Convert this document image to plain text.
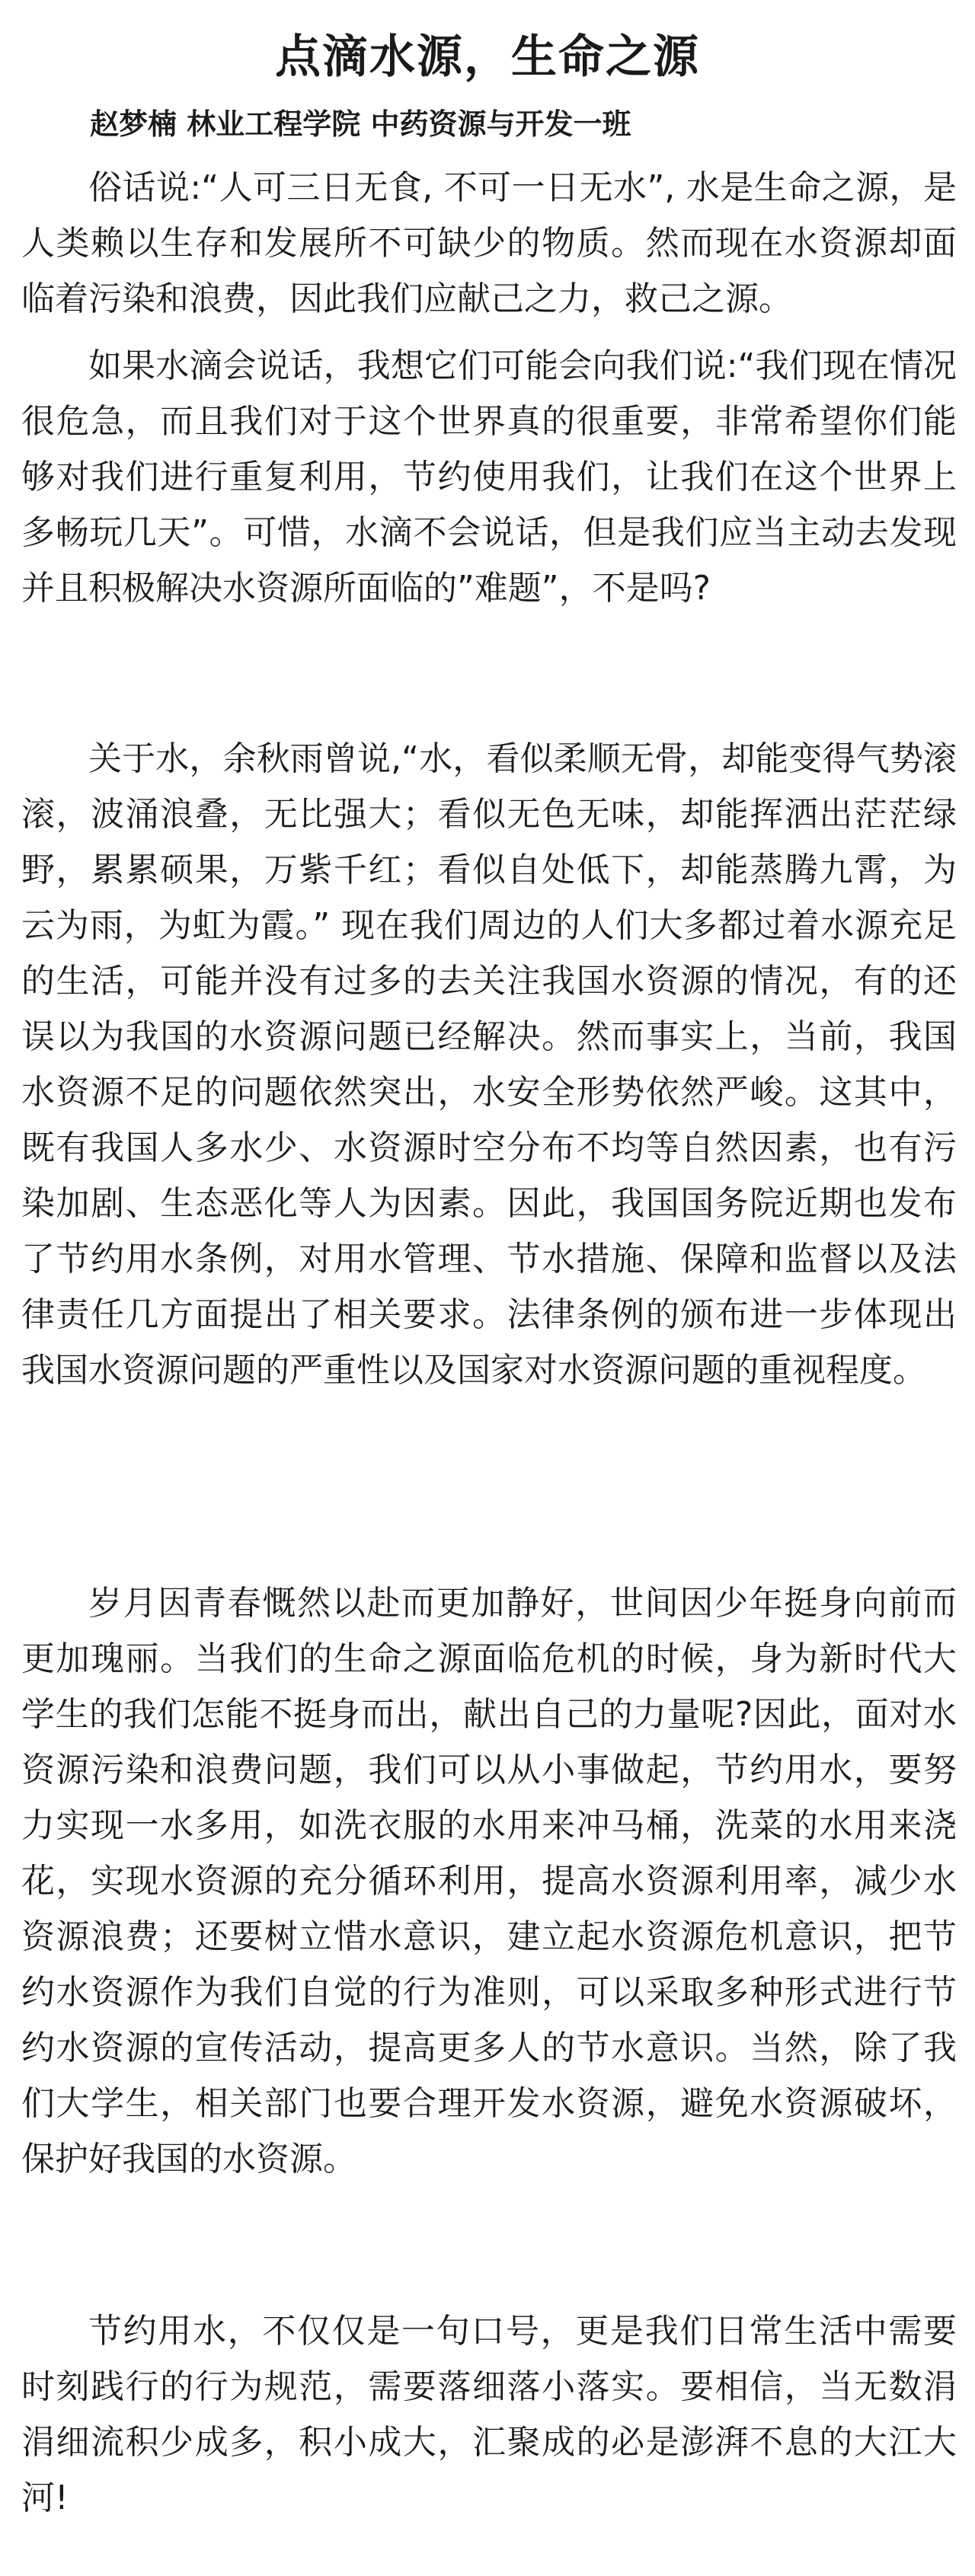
点滴水源，生命之源

赵梦楠 林业工程学院 中药资源与开发一班

俗话说:“人可三日无食, 不可一日无水”, 水是生命之源，是人类赖以生存和发展所不可缺少的物质。然而现在水资源却面临着污染和浪费，因此我们应献己之力，救己之源。

如果水滴会说话，我想它们可能会向我们说:“我们现在情况很危急，而且我们对于这个世界真的很重要，非常希望你们能够对我们进行重复利用，节约使用我们，让我们在这个世界上多畅玩几天”。可惜，水滴不会说话，但是我们应当主动去发现并且积极解决水资源所面临的”难题”，不是吗?

关于水，余秋雨曾说,“水，看似柔顺无骨，却能变得气势滚滚，波涌浪叠，无比强大；看似无色无味，却能挥洒出茫茫绿野，累累硕果，万紫千红；看似自处低下，却能蒸腾九霄，为云为雨，为虹为霞。” 现在我们周边的人们大多都过着水源充足的生活，可能并没有过多的去关注我国水资源的情况，有的还误以为我国的水资源问题已经解决。然而事实上，当前，我国水资源不足的问题依然突出，水安全形势依然严峻。这其中，既有我国人多水少、水资源时空分布不均等自然因素，也有污染加剧、生态恶化等人为因素。因此，我国国务院近期也发布了节约用水条例，对用水管理、节水措施、保障和监督以及法律责任几方面提出了相关要求。法律条例的颁布进一步体现出我国水资源问题的严重性以及国家对水资源问题的重视程度。

岁月因青春慨然以赴而更加静好，世间因少年挺身向前而更加瑰丽。当我们的生命之源面临危机的时候，身为新时代大学生的我们怎能不挺身而出，献出自己的力量呢?因此，面对水资源污染和浪费问题，我们可以从小事做起，节约用水，要努力实现一水多用，如洗衣服的水用来冲马桶，洗菜的水用来浇花，实现水资源的充分循环利用，提高水资源利用率，减少水资源浪费；还要树立惜水意识，建立起水资源危机意识，把节约水资源作为我们自觉的行为准则，可以采取多种形式进行节约水资源的宣传活动，提高更多人的节水意识。当然，除了我们大学生，相关部门也要合理开发水资源，避免水资源破坏，保护好我国的水资源。

节约用水，不仅仅是一句口号，更是我们日常生活中需要时刻践行的行为规范，需要落细落小落实。要相信，当无数涓涓细流积少成多，积小成大，汇聚成的必是澎湃不息的大江大河!
